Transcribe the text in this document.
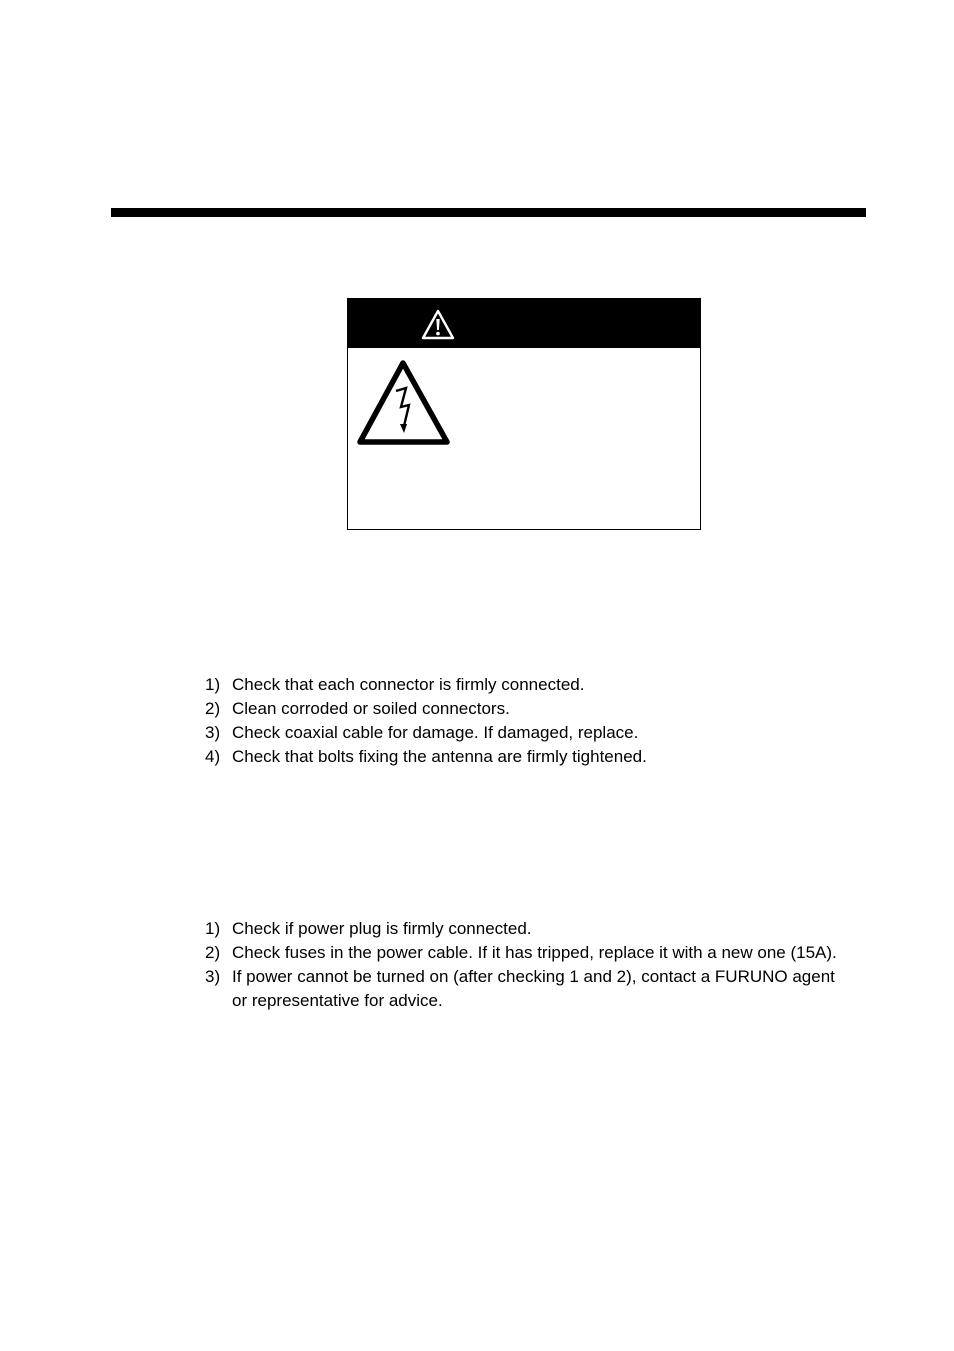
1) Check that each connector is firmly connected.
2) Clean corroded or soiled connectors.
3) Check coaxial cable for damage. If damaged, replace.
4) Check that bolts fixing the antenna are firmly tightened.
1) Check if power plug is firmly connected.
2) Check fuses in the power cable. If it has tripped, replace it with a new one (15A).
3) If power cannot be turned on (after checking 1 and 2), contact a FURUNO agent or representative for advice.
